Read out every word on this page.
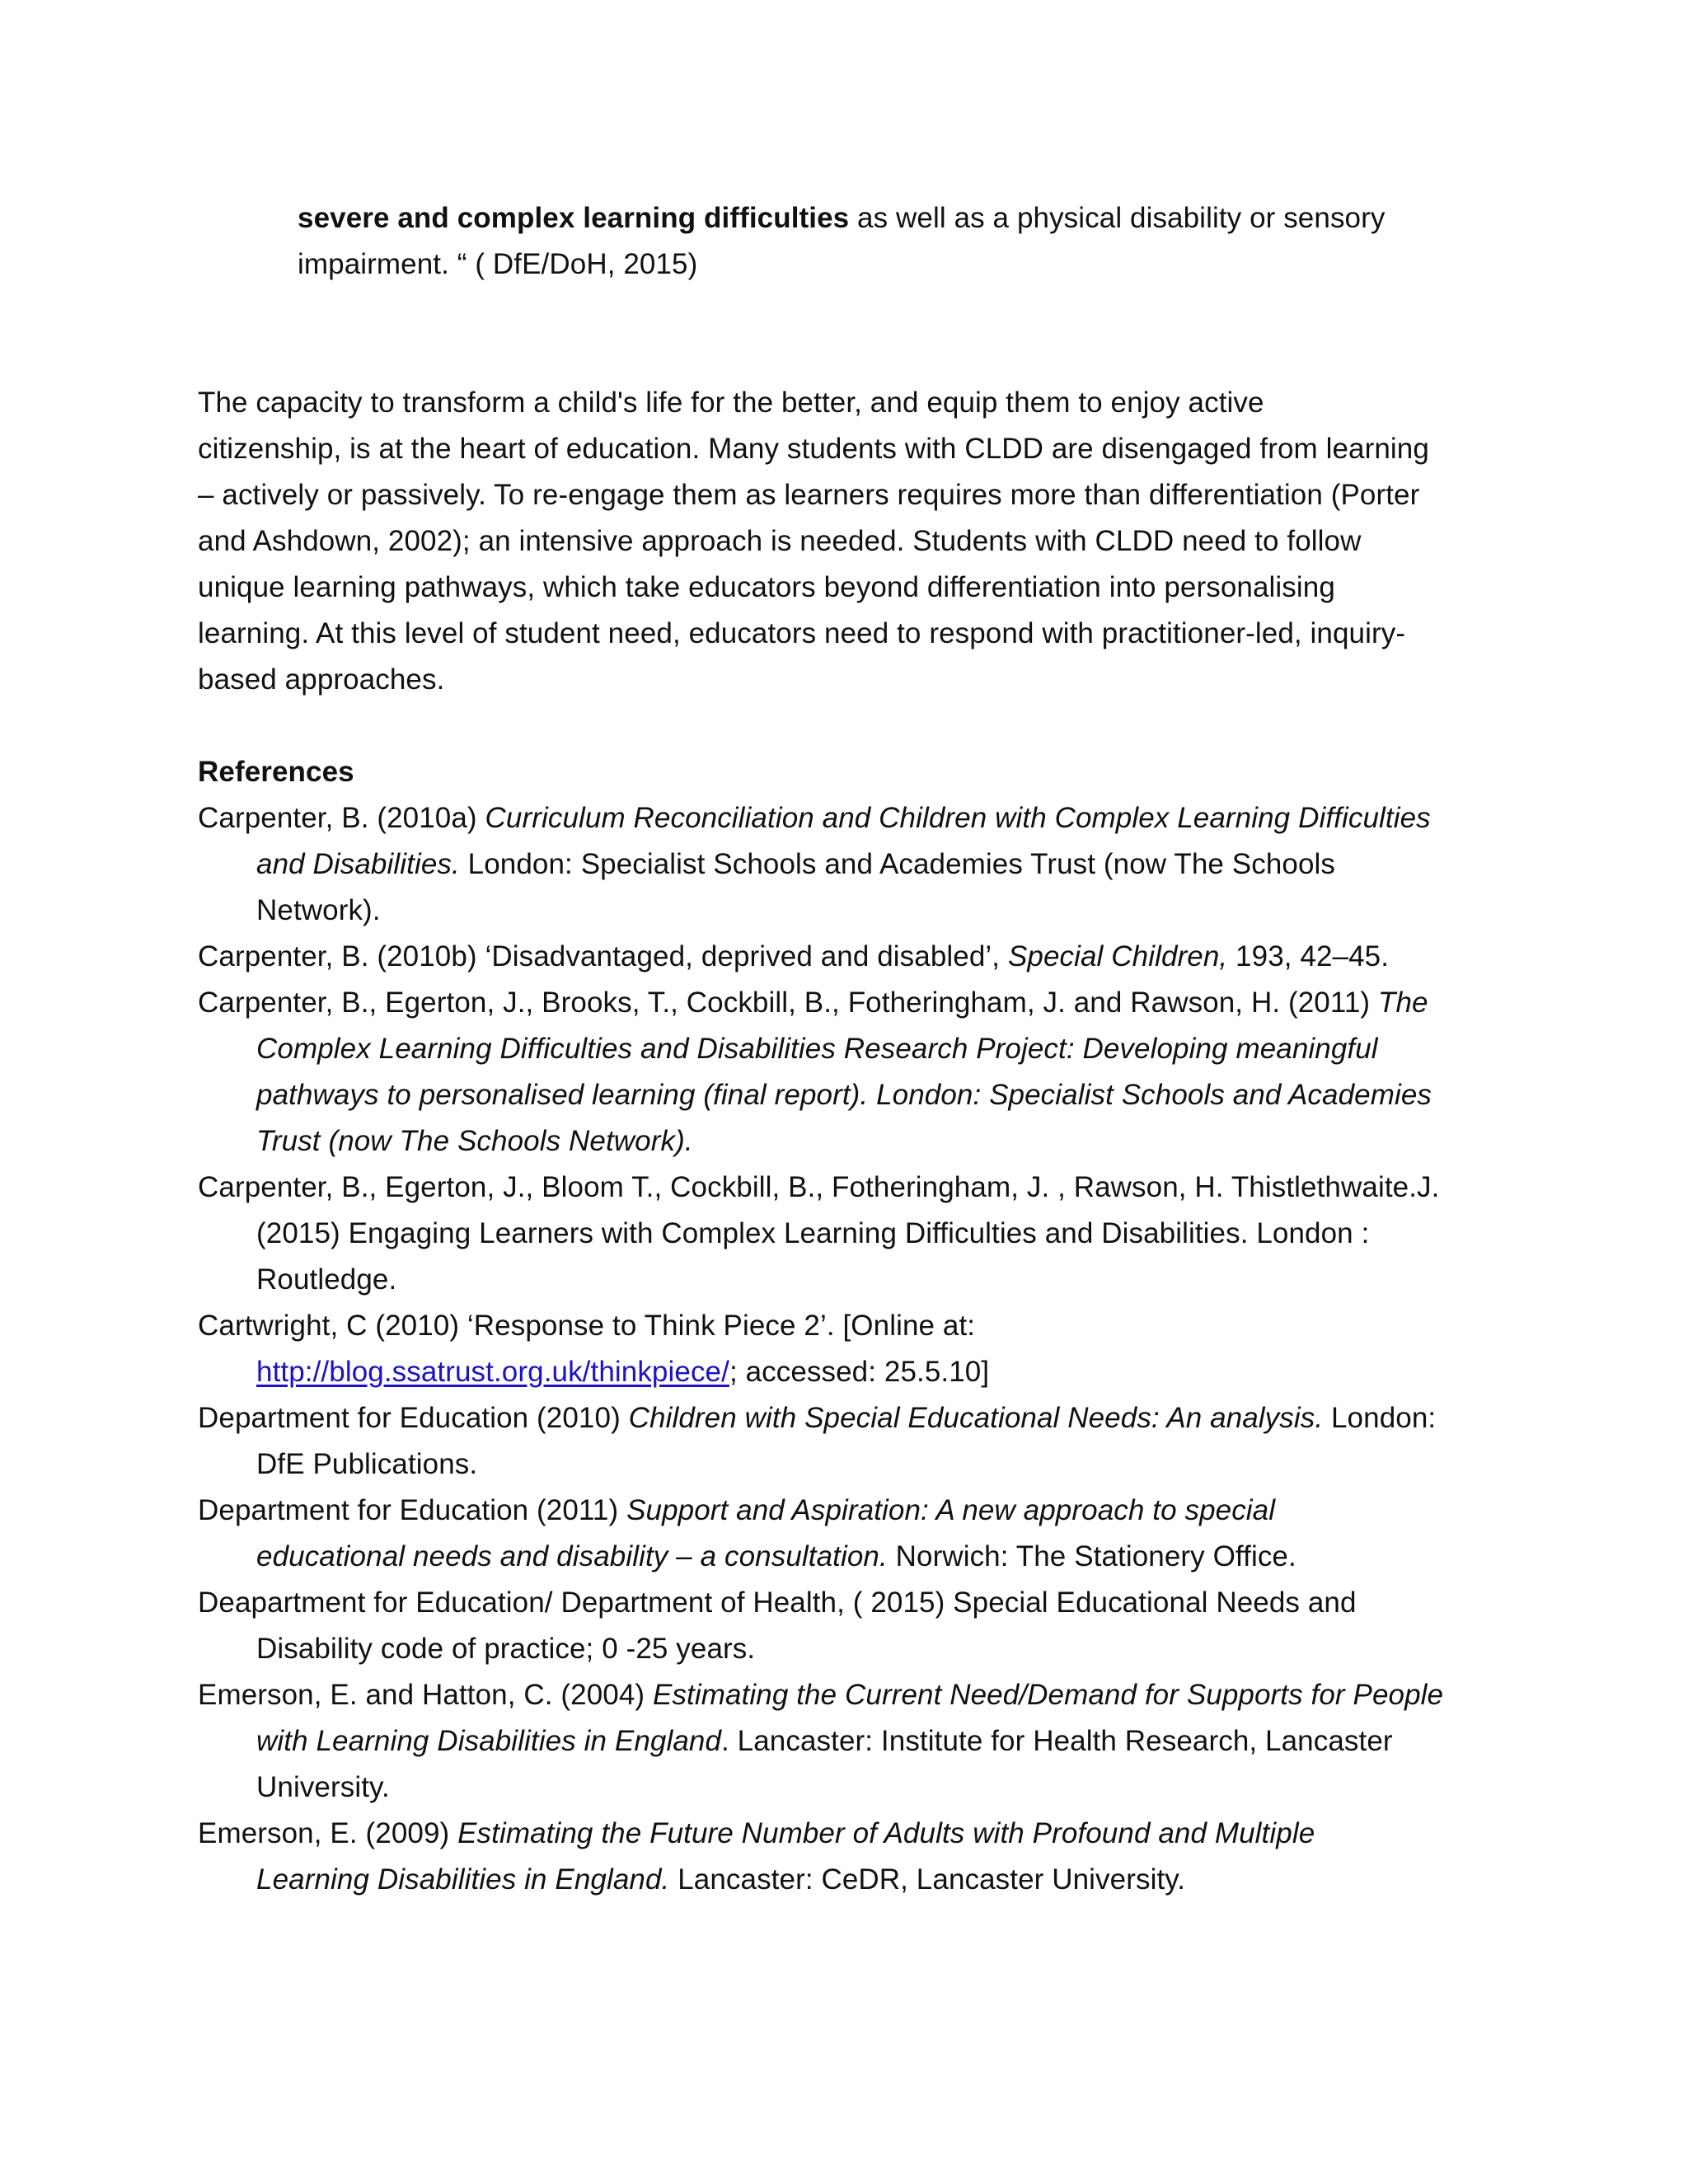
severe and complex learning difficulties as well as a physical disability or sensory
impairment. “ ( DfE/DoH, 2015)
The capacity to transform a child's life for the better, and equip them to enjoy active
citizenship, is at the heart of education. Many students with CLDD are disengaged from learning
– actively or passively. To re-engage them as learners requires more than differentiation (Porter
and Ashdown, 2002); an intensive approach is needed. Students with CLDD need to follow
unique learning pathways, which take educators beyond differentiation into personalising
learning. At this level of student need, educators need to respond with practitioner-led, inquiry-
based approaches.
References
Carpenter, B. (2010a) Curriculum Reconciliation and Children with Complex Learning Difficulties
and Disabilities. London: Specialist Schools and Academies Trust (now The Schools
Network).
Carpenter, B. (2010b) ‘Disadvantaged, deprived and disabled’, Special Children, 193, 42–45.
Carpenter, B., Egerton, J., Brooks, T., Cockbill, B., Fotheringham, J. and Rawson, H. (2011) The
Complex Learning Difficulties and Disabilities Research Project: Developing meaningful
pathways to personalised learning (final report). London: Specialist Schools and Academies
Trust (now The Schools Network).
Carpenter, B., Egerton, J., Bloom T., Cockbill, B., Fotheringham, J. , Rawson, H. Thistlethwaite.J.
(2015) Engaging Learners with Complex Learning Difficulties and Disabilities. London :
Routledge.
Cartwright, C (2010) ‘Response to Think Piece 2’. [Online at:
http://blog.ssatrust.org.uk/thinkpiece/; accessed: 25.5.10]
Department for Education (2010) Children with Special Educational Needs: An analysis. London:
DfE Publications.
Department for Education (2011) Support and Aspiration: A new approach to special
educational needs and disability – a consultation. Norwich: The Stationery Office.
Deapartment for Education/ Department of Health, ( 2015) Special Educational Needs and
Disability code of practice; 0 -25 years.
Emerson, E. and Hatton, C. (2004) Estimating the Current Need/Demand for Supports for People
with Learning Disabilities in England. Lancaster: Institute for Health Research, Lancaster
University.
Emerson, E. (2009) Estimating the Future Number of Adults with Profound and Multiple
Learning Disabilities in England. Lancaster: CeDR, Lancaster University.
